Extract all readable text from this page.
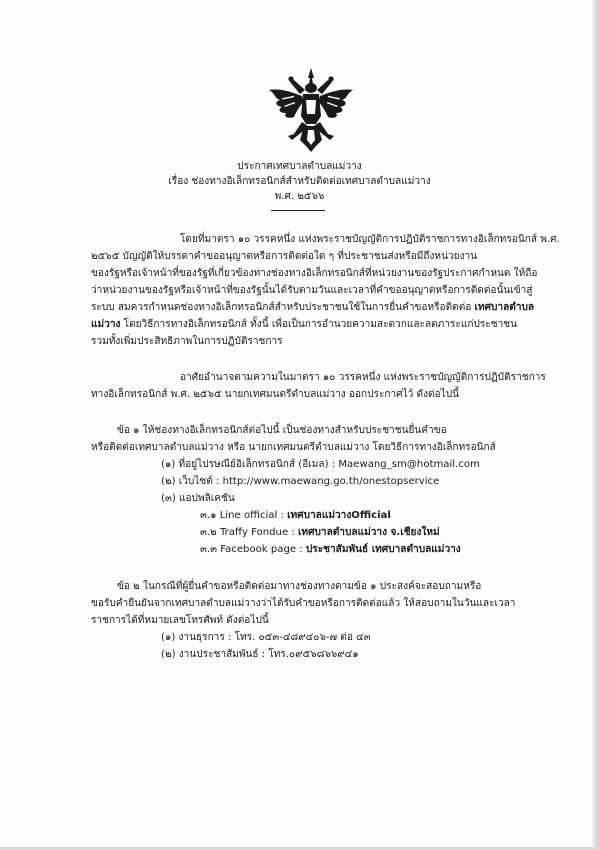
ประกาศเทศบาลตำบลแม่วาง
เรื่อง ช่องทางอิเล็กทรอนิกส์สำหรับติดต่อเทศบาลตำบลแม่วาง
พ.ศ. ๒๕๖๖
โดยที่มาตรา ๑๐ วรรคหนึ่ง แห่งพระราชบัญญัติการปฏิบัติราชการทางอิเล็กทรอนิกส์ พ.ศ.
๒๕๖๕ บัญญัติให้บรรดาคำขออนุญาตหรือการติดต่อใด ๆ ที่ประชาชนส่งหรือมีถึงหน่วยงาน
ของรัฐหรือเจ้าหน้าที่ของรัฐที่เกี่ยวข้องทางช่องทางอิเล็กทรอนิกส์ที่หน่วยงานของรัฐประกาศกำหนด ให้ถือ
ว่าหน่วยงานของรัฐหรือเจ้าหน้าที่ของรัฐนั้นได้รับตามวันและเวลาที่คำขออนุญาตหรือการติดต่อนั้นเข้าสู่
ระบบ สมควรกำหนดช่องทางอิเล็กทรอนิกส์สำหรับประชาชนใช้ในการยื่นคำขอหรือติดต่อ เทศบาลตำบล
แม่วาง โดยวิธีการทางอิเล็กทรอนิกส์ ทั้งนี้ เพื่อเป็นการอำนวยความสะดวกและลดภาระแก่ประชาชน
รวมทั้งเพิ่มประสิทธิภาพในการปฏิบัติราชการ
อาศัยอำนาจตามความในมาตรา ๑๐ วรรคหนึ่ง แห่งพระราชบัญญัติการปฏิบัติราชการ
ทางอิเล็กทรอนิกส์ พ.ศ. ๒๕๖๕ นายกเทศมนตรีตำบลแม่วาง ออกประกาศไว้ ดังต่อไปนี้
ข้อ ๑ ให้ช่องทางอิเล็กทรอนิกส์ต่อไปนี้ เป็นช่องทางสำหรับประชาชนยื่นคำขอ
หรือติดต่อเทศบาลตำบลแม่วาง หรือ นายกเทศมนตรีตำบลแม่วาง โดยวิธีการทางอิเล็กทรอนิกส์
(๑) ที่อยู่ไปรษณีย์อิเล็กทรอนิกส์ (อีเมล) : Maewang_sm@hotmail.com
(๒) เว็บไซต์ : http://www.maewang.go.th/onestopservice
(๓) แอปพลิเคชัน
๓.๑ Line official : เทศบาลแม่วางOfficial
๓.๒ Traffy Fondue : เทศบาลตำบลแม่วาง จ.เชียงใหม่
๓.๓ Facebook page : ประชาสัมพันธ์ เทศบาลตำบลแม่วาง
ข้อ ๒ ในกรณีที่ผู้ยื่นคำขอหรือติดต่อมาทางช่องทางตามข้อ ๑ ประสงค์จะสอบถามหรือ
ขอรับคำยืนยันจากเทศบาลตำบลแม่วางว่าได้รับคำขอหรือการติดต่อแล้ว ให้สอบถามในวันและเวลา
ราชการได้ที่หมายเลขโทรศัพท์ ดังต่อไปนี้
(๑) งานธุรการ : โทร. ๐๕๓-๔๘๙๔๐๖-๗ ต่อ ๔๓
(๒) งานประชาสัมพันธ์ : โทร.๐๙๕๖๘๖๖๙๔๑
